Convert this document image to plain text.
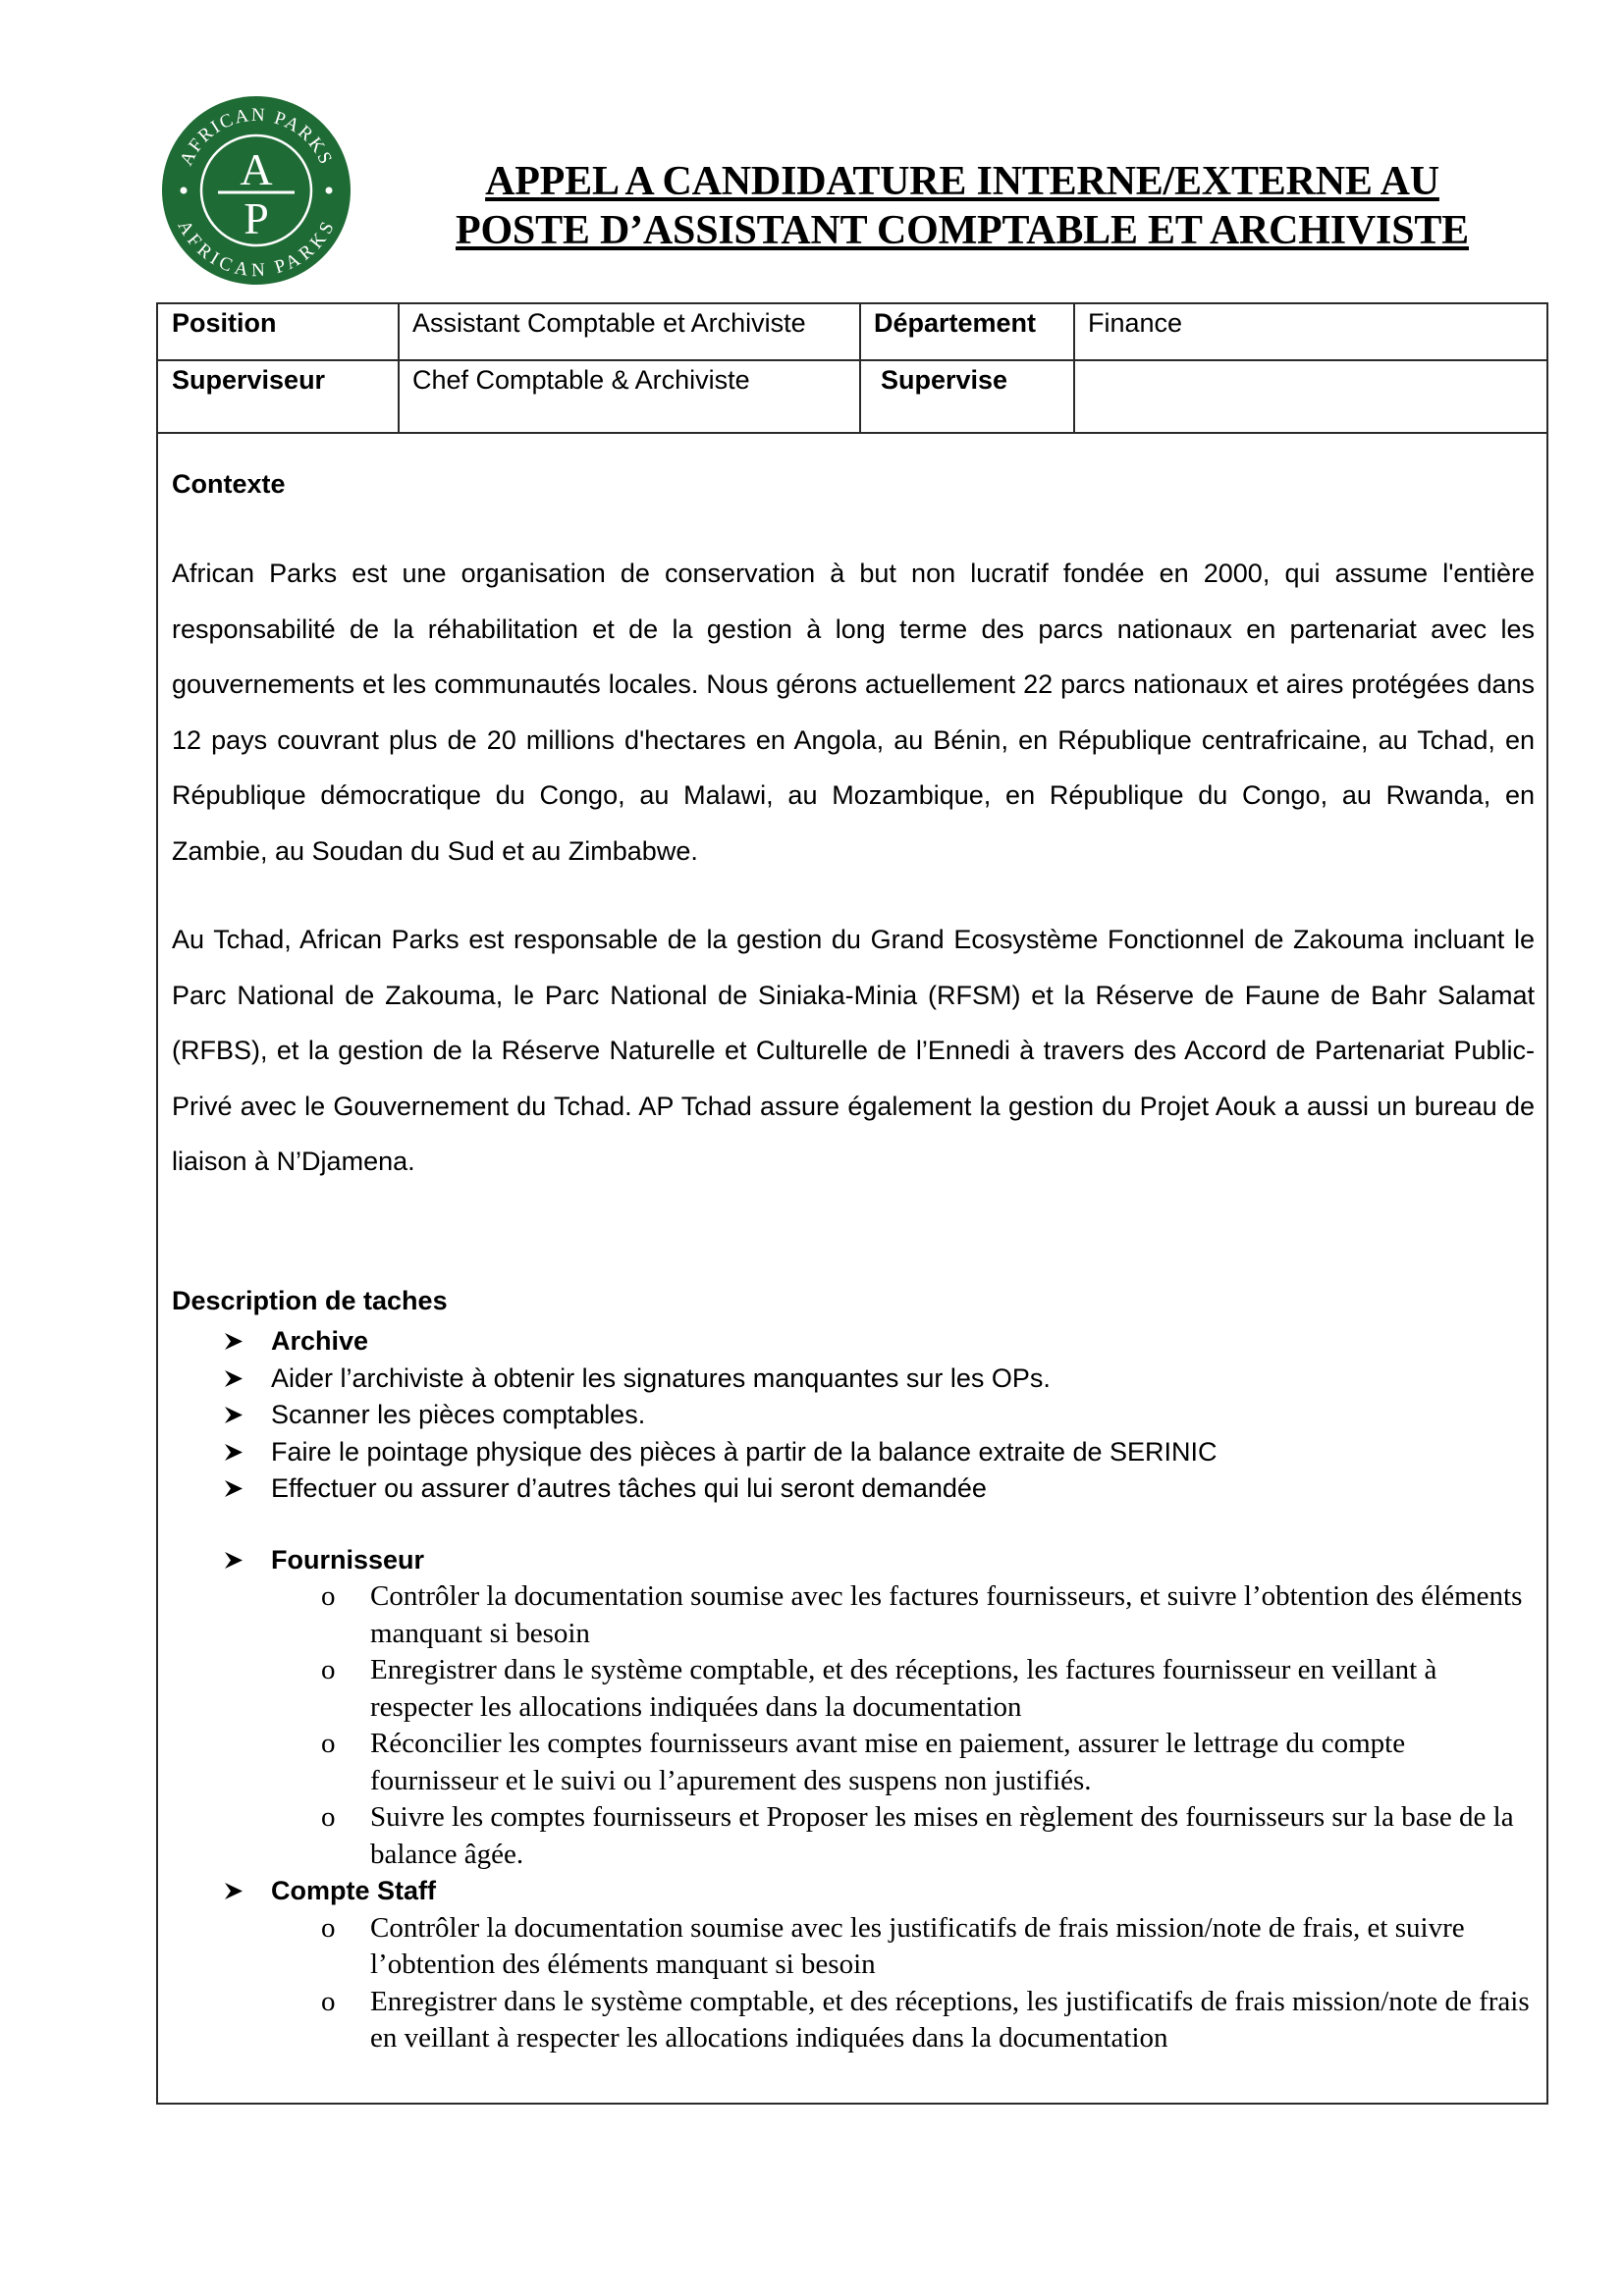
AFRICAN PARKS
AFRICAN PARKS
A
P
APPEL A CANDIDATURE INTERNE/EXTERNE AU
POSTE D’ASSISTANT COMPTABLE ET ARCHIVISTE
Position	Assistant Comptable et Archiviste	Département Finance
Superviseur	Chef Comptable & Archiviste	Supervise
Contexte
African Parks est une organisation de conservation à but non lucratif fondée en 2000, qui assume l'entière responsabilité de la réhabilitation et de la gestion à long terme des parcs nationaux en partenariat avec les gouvernements et les communautés locales. Nous gérons actuellement 22 parcs nationaux et aires protégées dans 12 pays couvrant plus de 20 millions d'hectares en Angola, au Bénin, en République centrafricaine, au Tchad, en République démocratique du Congo, au Malawi, au Mozambique, en République du Congo, au Rwanda, en Zambie, au Soudan du Sud et au Zimbabwe.
Au Tchad, African Parks est responsable de la gestion du Grand Ecosystème Fonctionnel de Zakouma incluant le Parc National de Zakouma, le Parc National de Siniaka-Minia (RFSM) et la Réserve de Faune de Bahr Salamat (RFBS), et la gestion de la Réserve Naturelle et Culturelle de l’Ennedi à travers des Accord de Partenariat Public-Privé avec le Gouvernement du Tchad. AP Tchad assure également la gestion du Projet Aouk a aussi un bureau de liaison à N’Djamena.
Description de taches
Archive
Aider l’archiviste à obtenir les signatures manquantes sur les OPs.
Scanner les pièces comptables.
Faire le pointage physique des pièces à partir de la balance extraite de SERINIC
Effectuer ou assurer d’autres tâches qui lui seront demandée
Fournisseur
o Contrôler la documentation soumise avec les factures fournisseurs, et suivre l’obtention des éléments manquant si besoin
o Enregistrer dans le système comptable, et des réceptions, les factures fournisseur en veillant à respecter les allocations indiquées dans la documentation
o Réconcilier les comptes fournisseurs avant mise en paiement, assurer le lettrage du compte fournisseur et le suivi ou l’apurement des suspens non justifiés.
o Suivre les comptes fournisseurs et Proposer les mises en règlement des fournisseurs sur la base de la balance âgée.
Compte Staff
o Contrôler la documentation soumise avec les justificatifs de frais mission/note de frais, et suivre l’obtention des éléments manquant si besoin
o Enregistrer dans le système comptable, et des réceptions, les justificatifs de frais mission/note de frais en veillant à respecter les allocations indiquées dans la documentation
